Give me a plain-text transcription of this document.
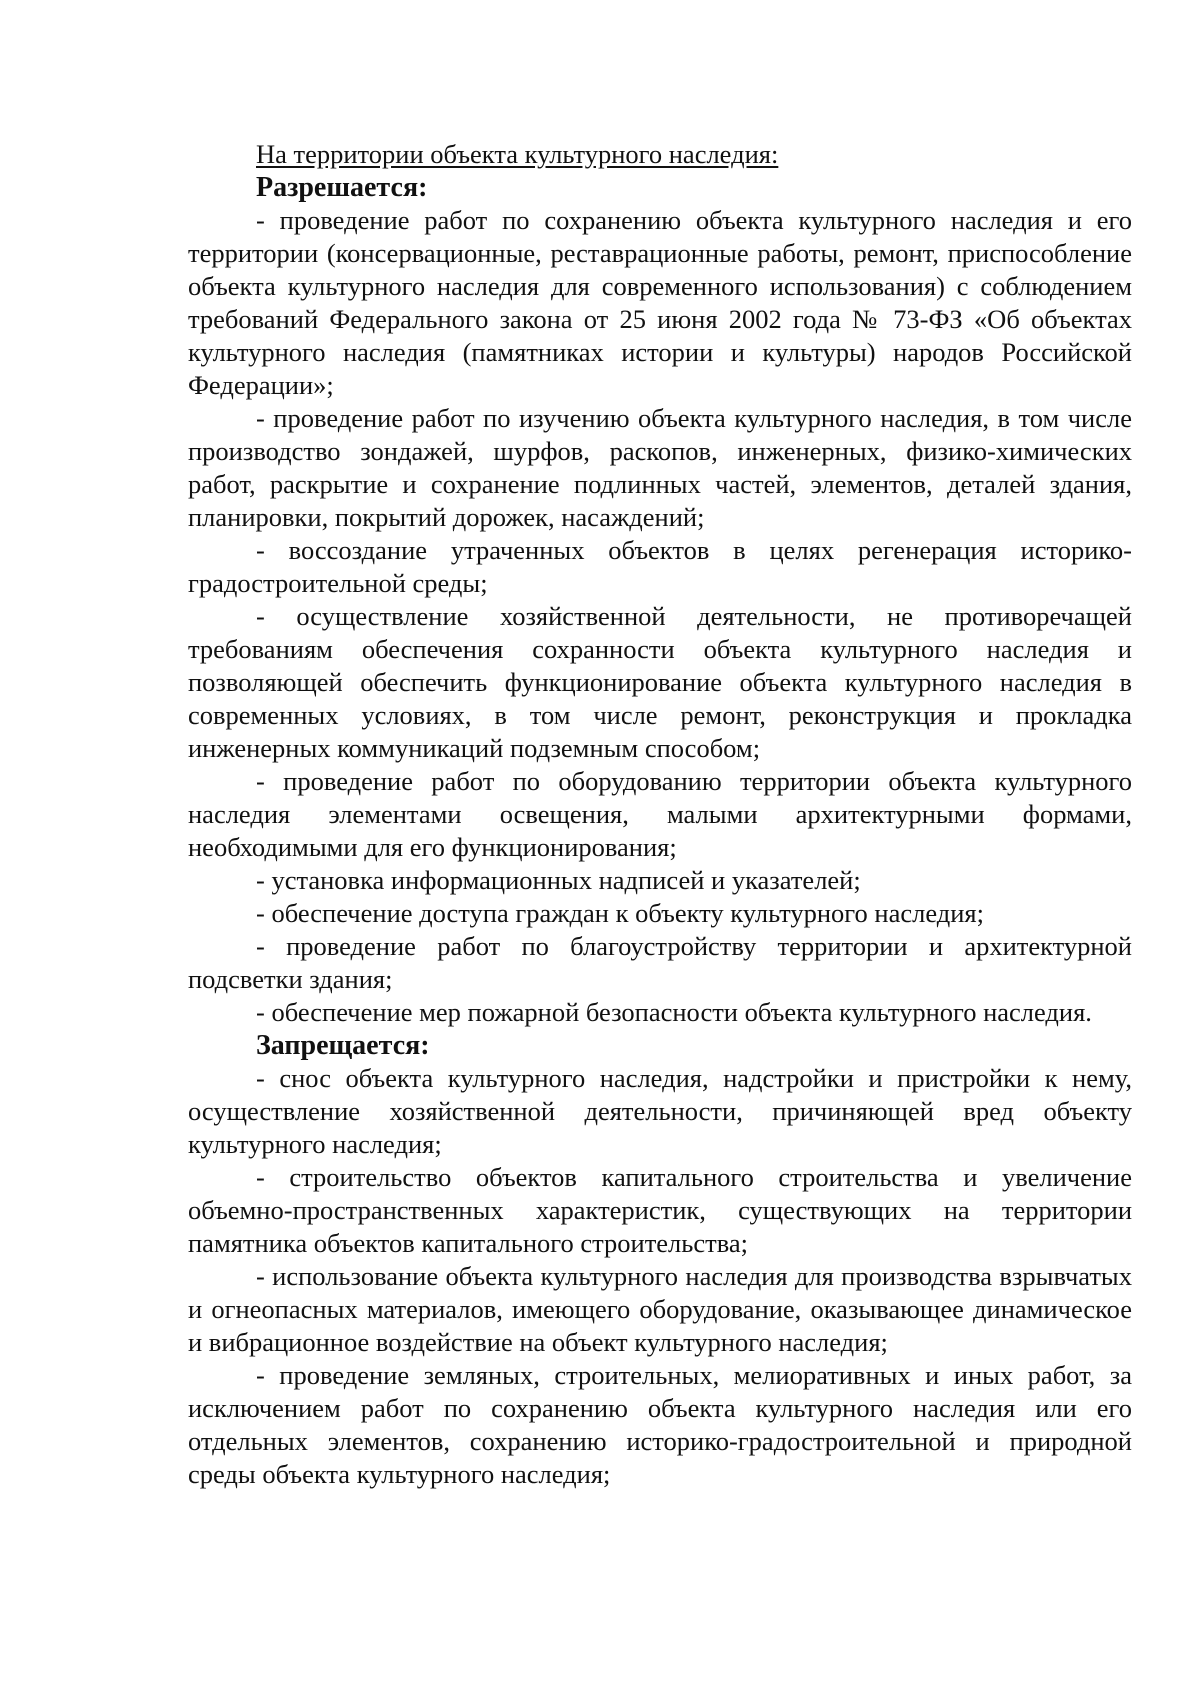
На территории объекта культурного наследия:

Разрешается:

- проведение работ по сохранению объекта культурного наследия и его территории (консервационные, реставрационные работы, ремонт, приспособление объекта культурного наследия для современного использования) с соблюдением требований Федерального закона от 25 июня 2002 года № 73-ФЗ «Об объектах культурного наследия (памятниках истории и культуры) народов Российской Федерации»;
- проведение работ по изучению объекта культурного наследия, в том числе производство зондажей, шурфов, раскопов, инженерных, физико-химических работ, раскрытие и сохранение подлинных частей, элементов, деталей здания, планировки, покрытий дорожек, насаждений;
- воссоздание утраченных объектов в целях регенерация историко-градостроительной среды;
- осуществление хозяйственной деятельности, не противоречащей требованиям обеспечения сохранности объекта культурного наследия и позволяющей обеспечить функционирование объекта культурного наследия в современных условиях, в том числе ремонт, реконструкция и прокладка инженерных коммуникаций подземным способом;
- проведение работ по оборудованию территории объекта культурного наследия элементами освещения, малыми архитектурными формами, необходимыми для его функционирования;
- установка информационных надписей и указателей;
- обеспечение доступа граждан к объекту культурного наследия;
- проведение работ по благоустройству территории и архитектурной подсветки здания;
- обеспечение мер пожарной безопасности объекта культурного наследия.

Запрещается:

- снос объекта культурного наследия, надстройки и пристройки к нему, осуществление хозяйственной деятельности, причиняющей вред объекту культурного наследия;
- строительство объектов капитального строительства и увеличение объемно-пространственных характеристик, существующих на территории памятника объектов капитального строительства;
- использование объекта культурного наследия для производства взрывчатых и огнеопасных материалов, имеющего оборудование, оказывающее динамическое и вибрационное воздействие на объект культурного наследия;
- проведение земляных, строительных, мелиоративных и иных работ, за исключением работ по сохранению объекта культурного наследия или его отдельных элементов, сохранению историко-градостроительной и природной среды объекта культурного наследия;
